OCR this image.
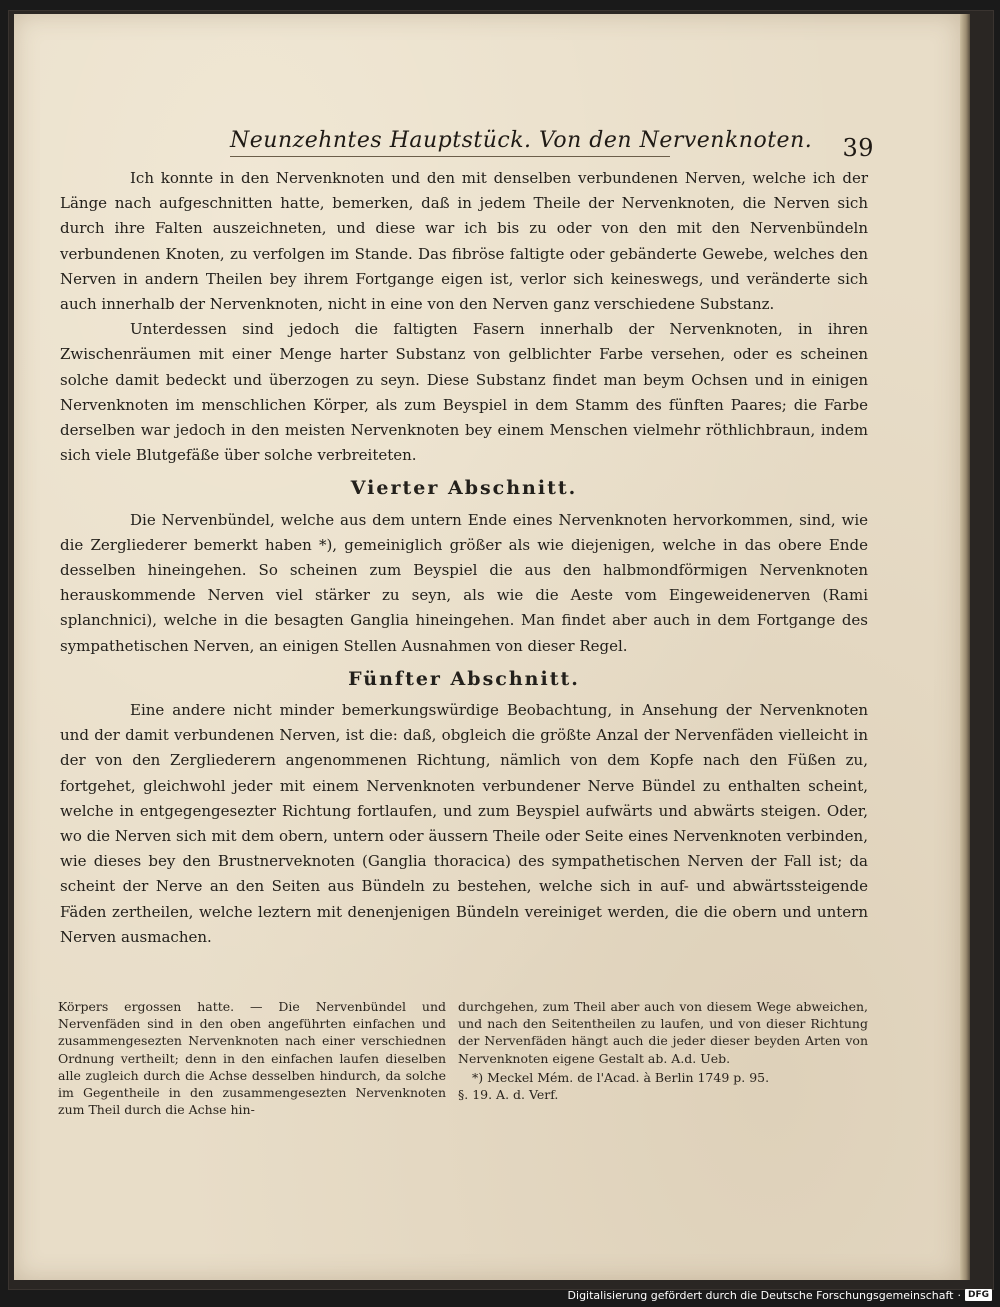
Neunzehntes Hauptstück. Von den Nervenknoten. 39

Ich konnte in den Nervenknoten und den mit denselben verbundenen Nerven, welche ich der Länge nach aufgeschnitten hatte, bemerken, daß in jedem Theile der Nervenknoten, die Nerven sich durch ihre Falten auszeichneten, und diese war ich bis zu oder von den mit den Nervenbündeln verbundenen Knoten, zu verfolgen im Stande. Das fibröse faltigte oder gebänderte Gewebe, welches den Nerven in andern Theilen bey ihrem Fortgange eigen ist, verlor sich keineswegs, und veränderte sich auch innerhalb der Nervenknoten, nicht in eine von den Nerven ganz verschiedene Substanz.

Unterdessen sind jedoch die faltigten Fasern innerhalb der Nervenknoten, in ihren Zwischenräumen mit einer Menge harter Substanz von gelblichter Farbe versehen, oder es scheinen solche damit bedeckt und überzogen zu seyn. Diese Substanz findet man beym Ochsen und in einigen Nervenknoten im menschlichen Körper, als zum Beyspiel in dem Stamm des fünften Paares; die Farbe derselben war jedoch in den meisten Nervenknoten bey einem Menschen vielmehr röthlichbraun, indem sich viele Blutgefäße über solche verbreiteten.

Vierter Abschnitt.

Die Nervenbündel, welche aus dem untern Ende eines Nervenknoten hervorkommen, sind, wie die Zergliederer bemerkt haben *), gemeiniglich größer als wie diejenigen, welche in das obere Ende desselben hineingehen. So scheinen zum Beyspiel die aus den halbmondförmigen Nervenknoten herauskommende Nerven viel stärker zu seyn, als wie die Aeste vom Eingeweidenerven (Rami splanchnici), welche in die besagten Ganglia hineingehen. Man findet aber auch in dem Fortgange des sympathetischen Nerven, an einigen Stellen Ausnahmen von dieser Regel.

Fünfter Abschnitt.

Eine andere nicht minder bemerkungswürdige Beobachtung, in Ansehung der Nervenknoten und der damit verbundenen Nerven, ist die: daß, obgleich die größte Anzal der Nervenfäden vielleicht in der von den Zergliederern angenommenen Richtung, nämlich von dem Kopfe nach den Füßen zu, fortgehet, gleichwohl jeder mit einem Nervenknoten verbundener Nerve Bündel zu enthalten scheint, welche in entgegengesezter Richtung fortlaufen, und zum Beyspiel aufwärts und abwärts steigen. Oder, wo die Nerven sich mit dem obern, untern oder äussern Theile oder Seite eines Nervenknoten verbinden, wie dieses bey den Brustnerveknoten (Ganglia thoracica) des sympathetischen Nerven der Fall ist; da scheint der Nerve an den Seiten aus Bündeln zu bestehen, welche sich in auf- und abwärtssteigende Fäden zertheilen, welche leztern mit denenjenigen Bündeln vereiniget werden, die die obern und untern Nerven ausmachen.

Körpers ergossen hatte. — Die Nervenbündel und Nervenfäden sind in den oben angeführten einfachen und zusammengesezten Nervenknoten nach einer verschiednen Ordnung vertheilt; denn in den einfachen laufen dieselben alle zugleich durch die Achse desselben hindurch, da solche im Gegentheile in den zusammengesezten Nervenknoten zum Theil durch die Achse hin-

durchgehen, zum Theil aber auch von diesem Wege abweichen, und nach den Seitentheilen zu laufen, und von dieser Richtung der Nervenfäden hängt auch die jeder dieser beyden Arten von Nervenknoten eigene Gestalt ab. A.d. Ueb.

*) Meckel Mém. de l'Acad. à Berlin 1749 p. 95.

§. 19. A. d. Verf.

Digitalisierung gefördert durch die Deutsche Forschungsgemeinschaft · DFG
